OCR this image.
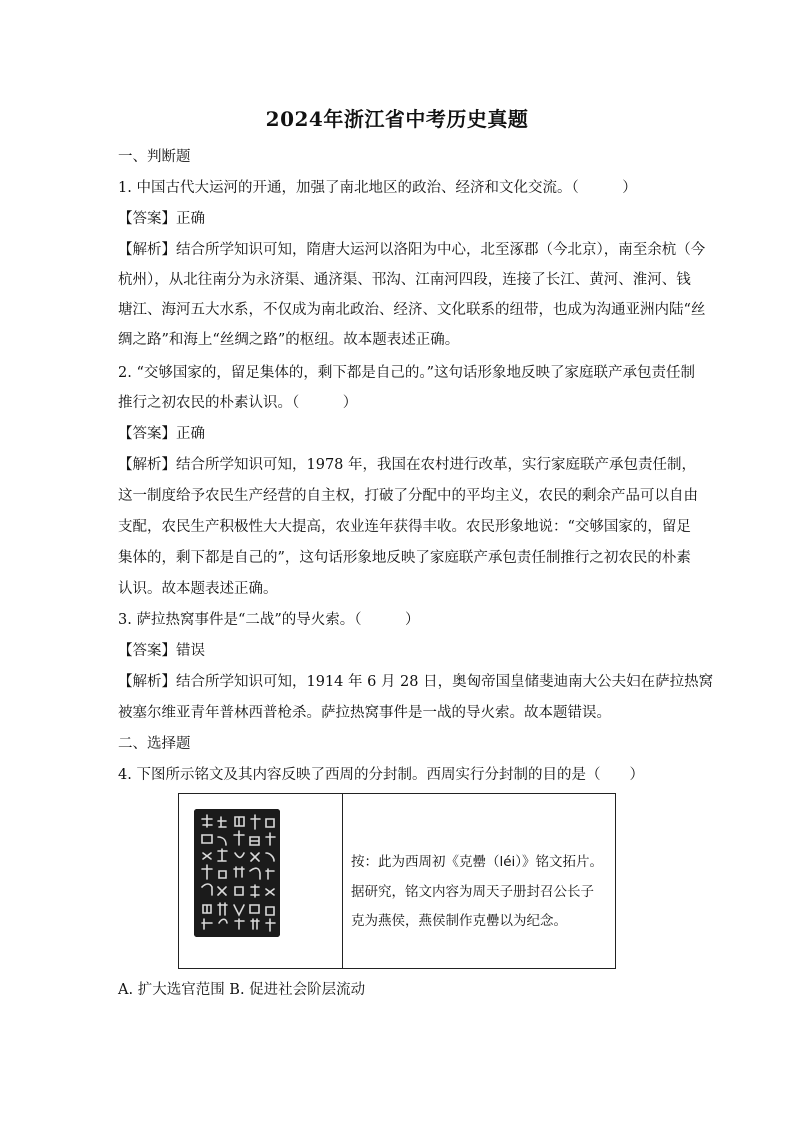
2024年浙江省中考历史真题
一、判断题
1. 中国古代大运河的开通，加强了南北地区的政治、经济和文化交流。（　　　）
【答案】正确
【解析】结合所学知识可知，隋唐大运河以洛阳为中心，北至涿郡（今北京），南至余杭（今
杭州），从北往南分为永济渠、通济渠、邗沟、江南河四段，连接了长江、黄河、淮河、钱
塘江、海河五大水系，不仅成为南北政治、经济、文化联系的纽带，也成为沟通亚洲内陆“丝
绸之路”和海上“丝绸之路”的枢纽。故本题表述正确。
2. “交够国家的，留足集体的，剩下都是自己的。”这句话形象地反映了家庭联产承包责任制
推行之初农民的朴素认识。（　　　）
【答案】正确
【解析】结合所学知识可知，1978 年，我国在农村进行改革，实行家庭联产承包责任制，
这一制度给予农民生产经营的自主权，打破了分配中的平均主义，农民的剩余产品可以自由
支配，农民生产积极性大大提高，农业连年获得丰收。农民形象地说：“交够国家的，留足
集体的，剩下都是自己的”，这句话形象地反映了家庭联产承包责任制推行之初农民的朴素
认识。故本题表述正确。
3. 萨拉热窝事件是“二战”的导火索。（　　　）
【答案】错误
【解析】结合所学知识可知，1914 年 6 月 28 日，奥匈帝国皇储斐迪南大公夫妇在萨拉热窝
被塞尔维亚青年普林西普枪杀。萨拉热窝事件是一战的导火索。故本题错误。
二、选择题
4. 下图所示铭文及其内容反映了西周的分封制。西周实行分封制的目的是（　　）
按：此为西周初《克罍（léi）》铭文拓片。
据研究，铭文内容为周天子册封召公长子
克为燕侯，燕侯制作克罍以为纪念。
A. 扩大选官范围 B. 促进社会阶层流动
